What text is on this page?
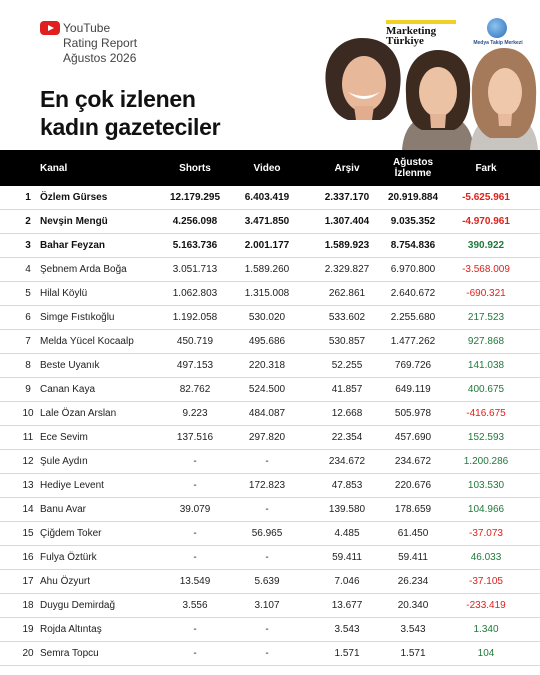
YouTube
Rating Report
Ağustos 2026
En çok izlenen
kadın gazeteciler
Marketing
Türkiye	Medya Takip Merkezi
Kanal	Shorts	Video	Arşiv	Ağustos İzlenme	Fark
1 Özlem Gürses	12.179.295	6.403.419	2.337.170	20.919.884	-5.625.961
2 Nevşin Mengü	4.256.098	3.471.850	1.307.404	9.035.352	-4.970.961
3 Bahar Feyzan	5.163.736	2.001.177	1.589.923	8.754.836	390.922
4 Şebnem Arda Boğa	3.051.713	1.589.260	2.329.827	6.970.800	-3.568.009
5 Hilal Köylü	1.062.803	1.315.008	262.861	2.640.672	-690.321
6 Simge Fıstıkoğlu	1.192.058	530.020	533.602	2.255.680	217.523
7 Melda Yücel Kocaalp	450.719	495.686	530.857	1.477.262	927.868
8 Beste Uyanık	497.153	220.318	52.255	769.726	141.038
9 Canan Kaya	82.762	524.500	41.857	649.119	400.675
10 Lale Özan Arslan	9.223	484.087	12.668	505.978	-416.675
11 Ece Sevim	137.516	297.820	22.354	457.690	152.593
12 Şule Aydın	-	-	234.672	234.672	1.200.286
13 Hediye Levent	-	172.823	47.853	220.676	103.530
14 Banu Avar	39.079	-	139.580	178.659	104.966
15 Çiğdem Toker	-	56.965	4.485	61.450	-37.073
16 Fulya Öztürk	-	-	59.411	59.411	46.033
17 Ahu Özyurt	13.549	5.639	7.046	26.234	-37.105
18 Duygu Demirdağ	3.556	3.107	13.677	20.340	-233.419
19 Rojda Altıntaş	-	-	3.543	3.543	1.340
20 Semra Topcu	-	-	1.571	1.571	104
